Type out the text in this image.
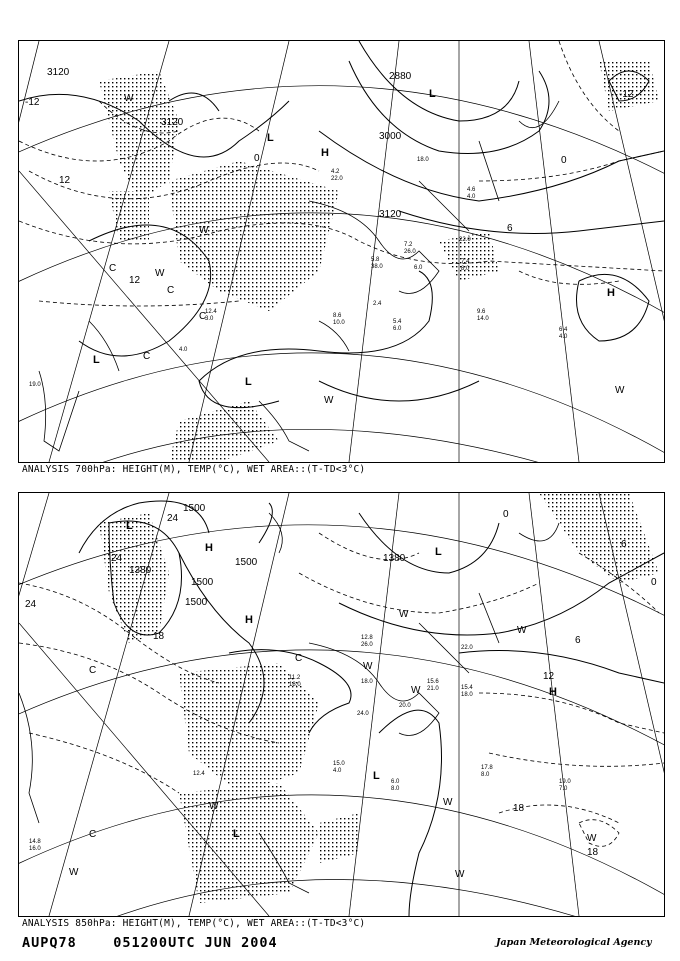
L
L
H
H
L
L
W
C
W
C
W
C
W
W
C
3120
3120
2880
3000
3120
-12
12
-12
12
0
6
0
4.2
22.0
7.2
26.0
5.8
38.0	6.0
8.6
10.0
9.6
14.0
6.4
4.0
12.4
3.0
2.4
5.4
6.0
18.0
4.6
4.0
22.0
7.4
8.0
19.0
4.0
ANALYSIS 700hPa: HEIGHT(M), TEMP(°C), WET AREA::(T-TD<3°C)
L
H
H
L
H
L
L
W
W
W
W
W
W
W
C
C
C
W
W
1500
1380
1500
1500
1500	1380
24
24
24
18
12
18
18
6
0
0
6
12.8
26.0
18.0	15.6
21.0	15.4
18.0
17.8
8.0
19.0
7.0
11.2
18.0
24.0
6.0
8.0
12.4
20.0
15.0
4.0
22.0
14.8
16.0
ANALYSIS 850hPa: HEIGHT(M), TEMP(°C), WET AREA::(T-TD<3°C)
AUPQ78	051200UTC JUN 2004	Japan Meteorological Agency
